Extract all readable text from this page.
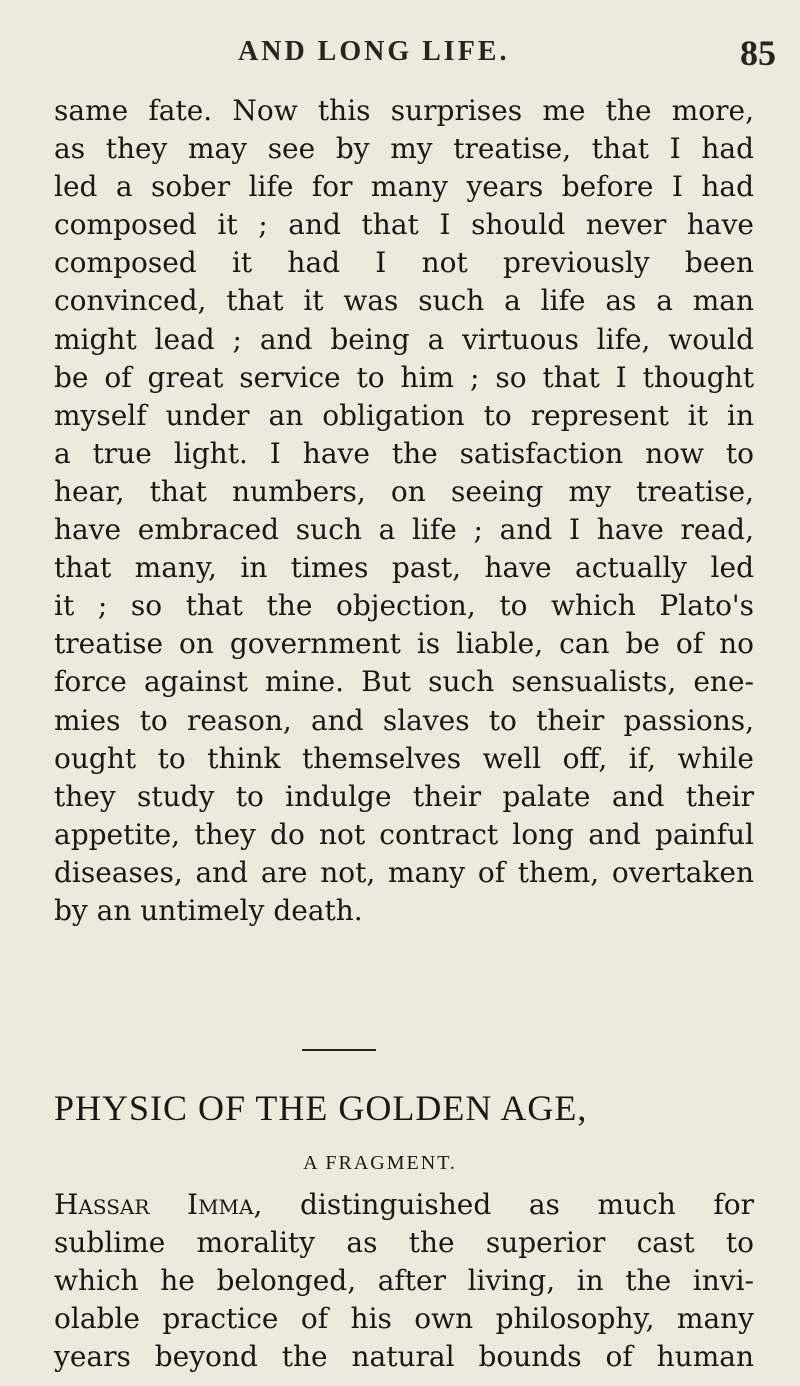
AND LONG LIFE.	85
same fate. Now this surprises me the more,
as they may see by my treatise, that I had
led a sober life for many years before I had
composed it ; and that I should never have
composed it had I not previously been
convinced, that it was such a life as a man
might lead ; and being a virtuous life, would
be of great service to him ; so that I thought
myself under an obligation to represent it in
a true light. I have the satisfaction now to
hear, that numbers, on seeing my treatise,
have embraced such a life ; and I have read,
that many, in times past, have actually led
it ; so that the objection, to which Plato's
treatise on government is liable, can be of no
force against mine. But such sensualists, ene-
mies to reason, and slaves to their passions,
ought to think themselves well off, if, while
they study to indulge their palate and their
appetite, they do not contract long and painful
diseases, and are not, many of them, overtaken
by an untimely death.
PHYSIC OF THE GOLDEN AGE,
A FRAGMENT.
Hassar Imma, distinguished as much for
sublime morality as the superior cast to
which he belonged, after living, in the invi-
olable practice of his own philosophy, many
years beyond the natural bounds of human
